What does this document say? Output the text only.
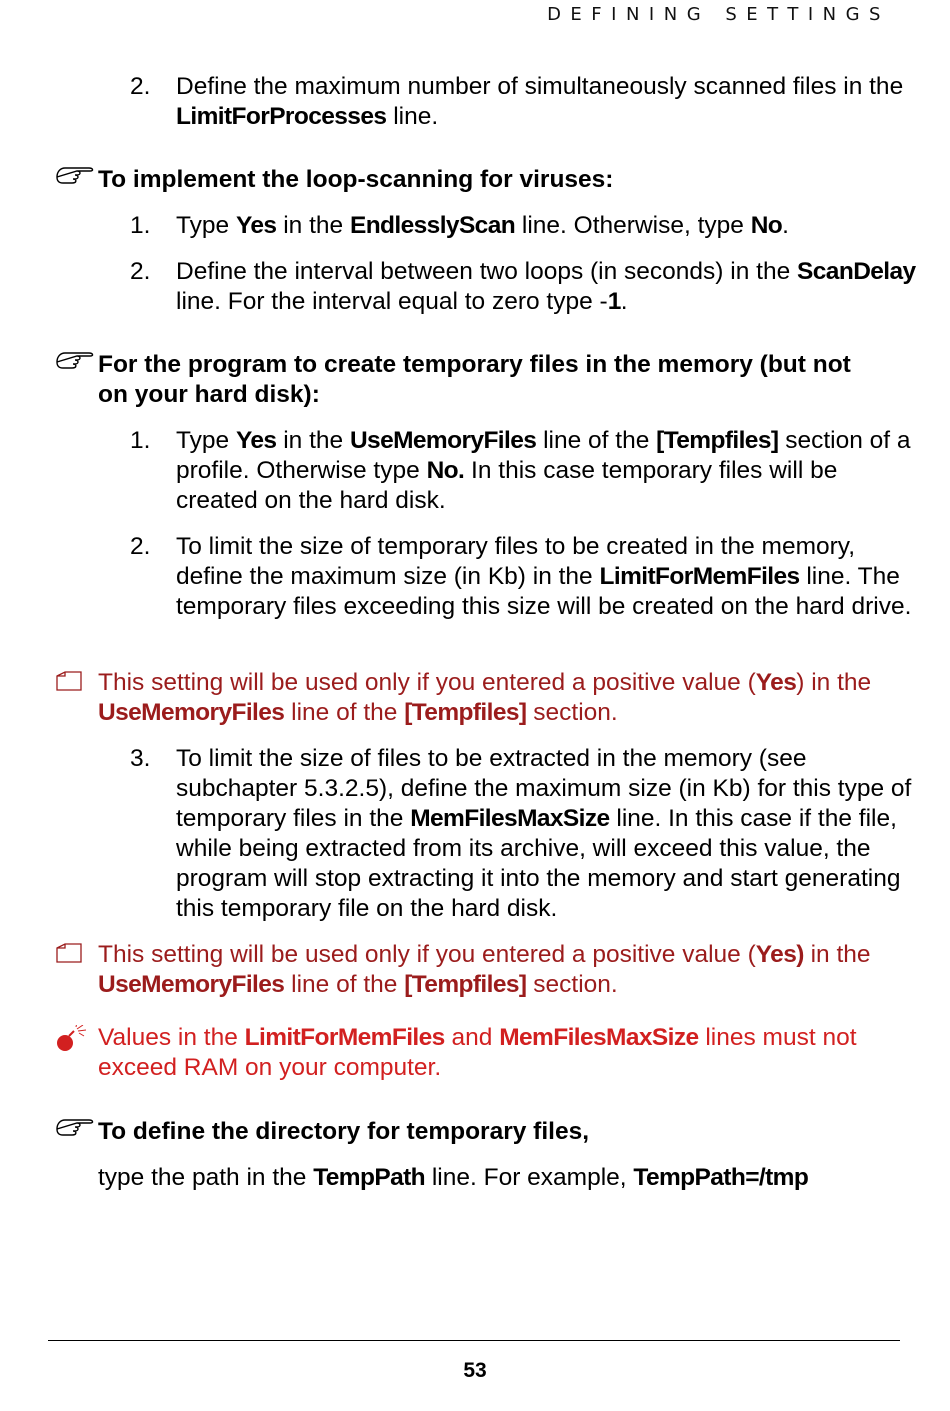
DEFINING SETTINGS
2. Define the maximum number of simultaneously scanned files in the LimitForProcesses line.
To implement the loop-scanning for viruses:
1. Type Yes in the EndlesslyScan line. Otherwise, type No.
2. Define the interval between two loops (in seconds) in the ScanDelay line. For the interval equal to zero type -1.
For the program to create temporary files in the memory (but not on your hard disk):
1. Type Yes in the UseMemoryFiles line of the [Tempfiles] section of a profile. Otherwise type No. In this case temporary files will be created on the hard disk.
2. To limit the size of temporary files to be created in the memory, define the maximum size (in Kb) in the LimitForMemFiles line. The temporary files exceeding this size will be created on the hard drive.
This setting will be used only if you entered a positive value (Yes) in the UseMemoryFiles line of the [Tempfiles] section.
3. To limit the size of files to be extracted in the memory (see subchapter 5.3.2.5), define the maximum size (in Kb) for this type of temporary files in the MemFilesMaxSize line. In this case if the file, while being extracted from its archive, will exceed this value, the program will stop extracting it into the memory and start generating this temporary file on the hard disk.
This setting will be used only if you entered a positive value (Yes) in the UseMemoryFiles line of the [Tempfiles] section.
Values in the LimitForMemFiles and MemFilesMaxSize lines must not exceed RAM on your computer.
To define the directory for temporary files,
type the path in the TempPath line. For example, TempPath=/tmp
53
